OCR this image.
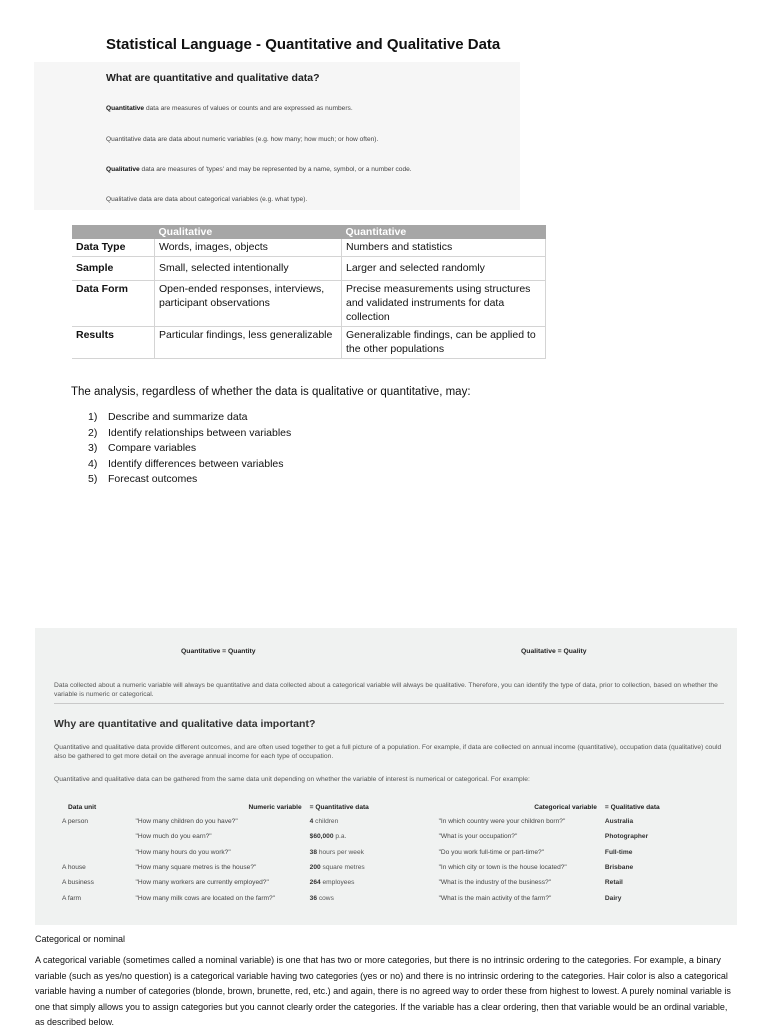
Statistical Language - Quantitative and Qualitative Data
What are quantitative and qualitative data?
Quantitative data are measures of values or counts and are expressed as numbers.
Quantitative data are data about numeric variables (e.g. how many; how much; or how often).
Qualitative data are measures of 'types' and may be represented by a name, symbol, or a number code.
Qualitative data are data about categorical variables (e.g. what type).
	Qualitative	Quantitative
Data Type	Words, images, objects	Numbers and statistics
Sample	Small, selected intentionally	Larger and selected randomly
Data Form	Open-ended responses, interviews, participant observations	Precise measurements using structures and validated instruments for data collection
Results	Particular findings, less generalizable	Generalizable findings, can be applied to the other populations
The analysis, regardless of whether the data is qualitative or quantitative, may:
1) Describe and summarize data
2) Identify relationships between variables
3) Compare variables
4) Identify differences between variables
5) Forecast outcomes
Quantitative = Quantity	Qualitative = Quality
Data collected about a numeric variable will always be quantitative and data collected about a categorical variable will always be qualitative. Therefore, you can identify the type of data, prior to collection, based on whether the variable is numeric or categorical.
Why are quantitative and qualitative data important?
Quantitative and qualitative data provide different outcomes, and are often used together to get a full picture of a population. For example, if data are collected on annual income (quantitative), occupation data (qualitative) could also be gathered to get more detail on the average annual income for each type of occupation.
Quantitative and qualitative data can be gathered from the same data unit depending on whether the variable of interest is numerical or categorical. For example:
Data unit	Numeric variable	= Quantitative data	Categorical variable	= Qualitative data
A person	"How many children do you have?"	4 children	"In which country were your children born?"	Australia
	"How much do you earn?"	$60,000 p.a.	"What is your occupation?"	Photographer
	"How many hours do you work?"	38 hours per week	"Do you work full-time or part-time?"	Full-time
A house	"How many square metres is the house?"	200 square metres	"In which city or town is the house located?"	Brisbane
A business	"How many workers are currently employed?"	264 employees	"What is the industry of the business?"	Retail
A farm	"How many milk cows are located on the farm?"	36 cows	"What is the main activity of the farm?"	Dairy
Categorical or nominal
A categorical variable (sometimes called a nominal variable) is one that has two or more categories, but there is no intrinsic ordering to the categories. For example, a binary variable (such as yes/no question) is a categorical variable having two categories (yes or no) and there is no intrinsic ordering to the categories. Hair color is also a categorical variable having a number of categories (blonde, brown, brunette, red, etc.) and again, there is no agreed way to order these from highest to lowest. A purely nominal variable is one that simply allows you to assign categories but you cannot clearly order the categories. If the variable has a clear ordering, then that variable would be an ordinal variable, as described below.
